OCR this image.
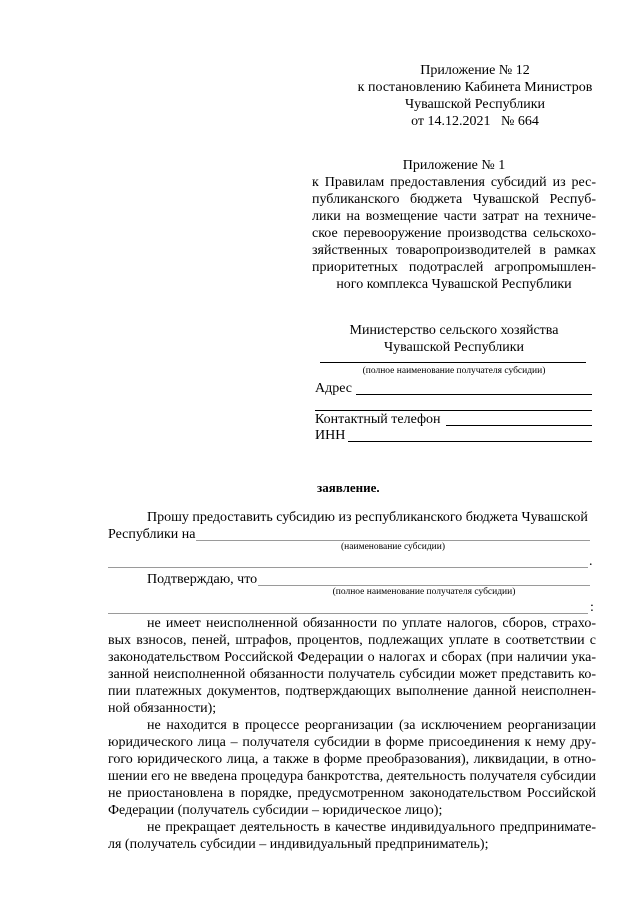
Приложение № 12
к постановлению Кабинета Министров
Чувашской Республики
от 14.12.2021   № 664
Приложение № 1
к Правилам предоставления субсидий из рес-
публиканского бюджета Чувашской Респуб-
лики на возмещение части затрат на техниче-
ское перевооружение производства сельскохо-
зяйственных товаропроизводителей в рамках
приоритетных подотраслей агропромышлен-
ного комплекса Чувашской Республики
Министерство сельского хозяйства
Чувашской Республики
(полное наименование получателя субсидии)
Адрес
Контактный телефон
ИНН
заявление.
Прошу предоставить субсидию из республиканского бюджета Чувашской
Республики на
(наименование субсидии)
.
Подтверждаю, что
(полное наименование получателя субсидии)
:
не имеет неисполненной обязанности по уплате налогов, сборов, страхо-
вых взносов, пеней, штрафов, процентов, подлежащих уплате в соответствии с
законодательством Российской Федерации о налогах и сборах (при наличии ука-
занной неисполненной обязанности получатель субсидии может представить ко-
пии платежных документов, подтверждающих выполнение данной неисполнен-
ной обязанности);
не находится в процессе реорганизации (за исключением реорганизации
юридического лица – получателя субсидии в форме присоединения к нему дру-
гого юридического лица, а также в форме преобразования), ликвидации, в отно-
шении его не введена процедура банкротства, деятельность получателя субсидии
не приостановлена в порядке, предусмотренном законодательством Российской
Федерации (получатель субсидии – юридическое лицо);
не прекращает деятельность в качестве индивидуального предпринимате-
ля (получатель субсидии – индивидуальный предприниматель);
